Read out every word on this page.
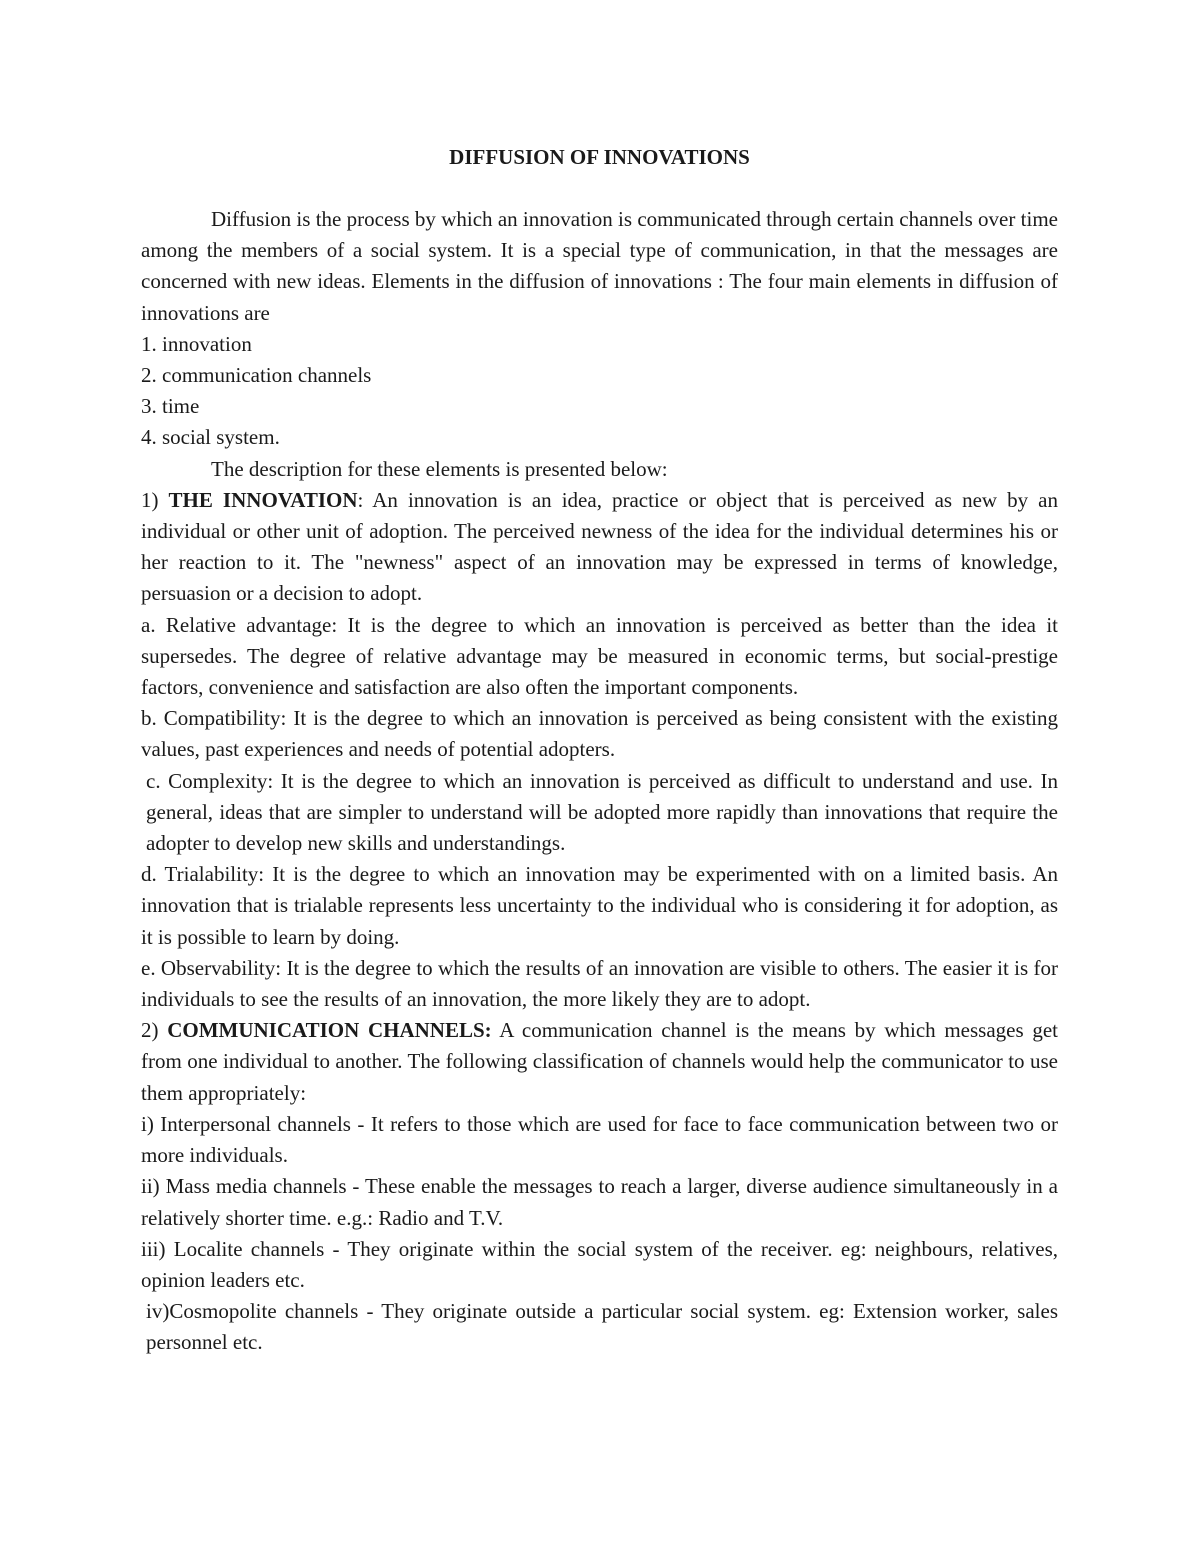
DIFFUSION OF INNOVATIONS

Diffusion is the process by which an innovation is communicated through certain channels over time among the members of a social system. It is a special type of communication, in that the messages are concerned with new ideas. Elements in the diffusion of innovations : The four main elements in diffusion of innovations are

1. innovation
2. communication channels
3. time
4. social system.

The description for these elements is presented below:

1) THE INNOVATION: An innovation is an idea, practice or object that is perceived as new by an individual or other unit of adoption. The perceived newness of the idea for the individual determines his or her reaction to it. The "newness" aspect of an innovation may be expressed in terms of knowledge, persuasion or a decision to adopt.

a. Relative advantage: It is the degree to which an innovation is perceived as better than the idea it supersedes. The degree of relative advantage may be measured in economic terms, but social-prestige factors, convenience and satisfaction are also often the important components.

b. Compatibility: It is the degree to which an innovation is perceived as being consistent with the existing values, past experiences and needs of potential adopters.

c. Complexity: It is the degree to which an innovation is perceived as difficult to understand and use. In general, ideas that are simpler to understand will be adopted more rapidly than innovations that require the adopter to develop new skills and understandings.

d. Trialability: It is the degree to which an innovation may be experimented with on a limited basis. An innovation that is trialable represents less uncertainty to the individual who is considering it for adoption, as it is possible to learn by doing.

e. Observability: It is the degree to which the results of an innovation are visible to others. The easier it is for individuals to see the results of an innovation, the more likely they are to adopt.

2) COMMUNICATION CHANNELS: A communication channel is the means by which messages get from one individual to another. The following classification of channels would help the communicator to use them appropriately:

i) Interpersonal channels - It refers to those which are used for face to face communication between two or more individuals.

ii) Mass media channels - These enable the messages to reach a larger, diverse audience simultaneously in a relatively shorter time. e.g.: Radio and T.V.

iii) Localite channels - They originate within the social system of the receiver. eg: neighbours, relatives, opinion leaders etc.

iv)Cosmopolite channels - They originate outside a particular social system. eg: Extension worker, sales personnel etc.
